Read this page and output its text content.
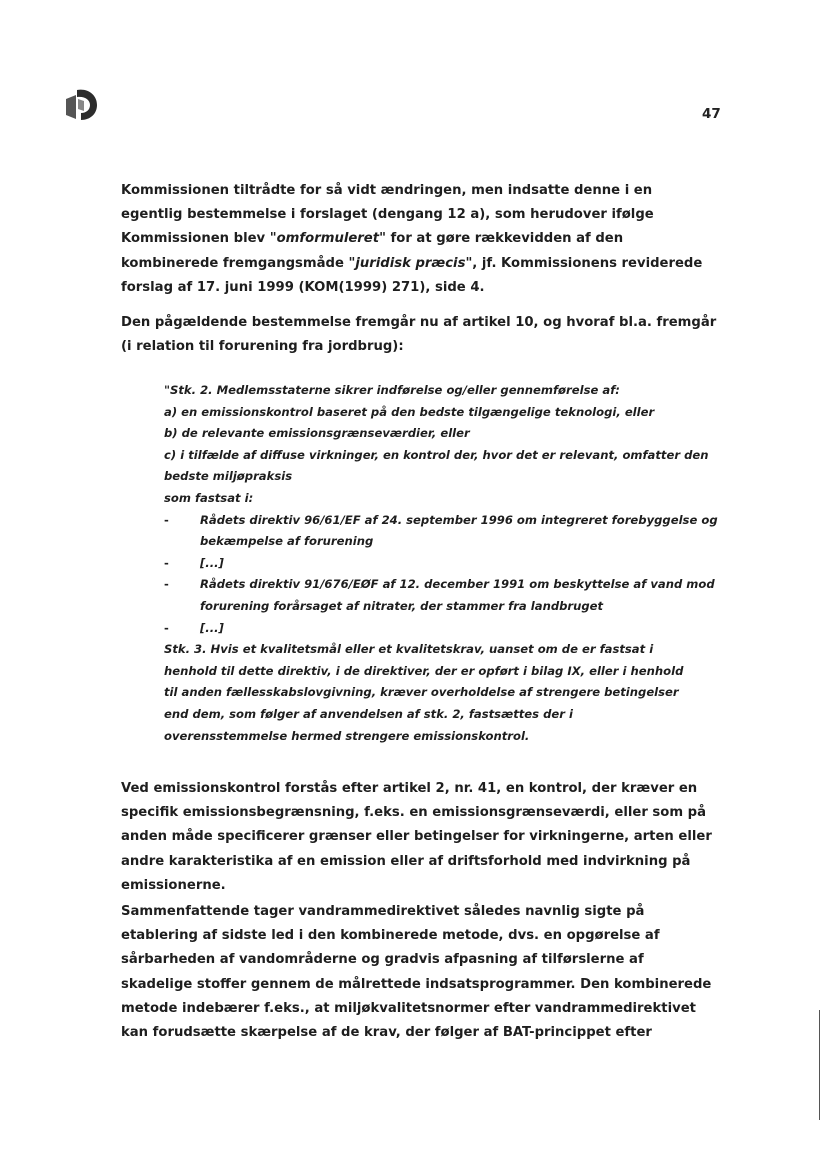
47

Kommissionen tiltrådte for så vidt ændringen, men indsatte denne i en egentlig bestemmelse i forslaget (dengang 12 a), som herudover ifølge Kommissionen blev "omformuleret" for at gøre rækkevidden af den kombinerede fremgangsmåde "juridisk præcis", jf. Kommissionens reviderede forslag af 17. juni 1999 (KOM(1999) 271), side 4.

Den pågældende bestemmelse fremgår nu af artikel 10, og hvoraf bl.a. fremgår (i relation til forurening fra jordbrug):

"Stk. 2. Medlemsstaterne sikrer indførelse og/eller gennemførelse af:
a) en emissionskontrol baseret på den bedste tilgængelige teknologi, eller
b) de relevante emissionsgrænseværdier, eller
c) i tilfælde af diffuse virkninger, en kontrol der, hvor det er relevant, omfatter den
bedste miljøpraksis
som fastsat i:
-	Rådets direktiv 96/61/EF af 24. september 1996 om integreret forebyggelse og bekæmpelse af forurening
-	[...]
-	Rådets direktiv 91/676/EØF af 12. december 1991 om beskyttelse af vand mod forurening forårsaget af nitrater, der stammer fra landbruget
-	[...]
Stk. 3. Hvis et kvalitetsmål eller et kvalitetskrav, uanset om de er fastsat i henhold til dette direktiv, i de direktiver, der er opført i bilag IX, eller i henhold til anden fællesskabslovgivning, kræver overholdelse af strengere betingelser end dem, som følger af anvendelsen af stk. 2, fastsættes der i overensstemmelse hermed strengere emissionskontrol.

Ved emissionskontrol forstås efter artikel 2, nr. 41, en kontrol, der kræver en specifik emissionsbegrænsning, f.eks. en emissionsgrænseværdi, eller som på anden måde specificerer grænser eller betingelser for virkningerne, arten eller andre karakteristika af en emission eller af driftsforhold med indvirkning på emissionerne.

Sammenfattende tager vandrammedirektivet således navnlig sigte på etablering af sidste led i den kombinerede metode, dvs. en opgørelse af sårbarheden af vandområderne og gradvis afpasning af tilførslerne af skadelige stoffer gennem de målrettede indsatsprogrammer. Den kombinerede metode indebærer f.eks., at miljøkvalitetsnormer efter vandrammedirektivet kan forudsætte skærpelse af de krav, der følger af BAT-princippet efter
